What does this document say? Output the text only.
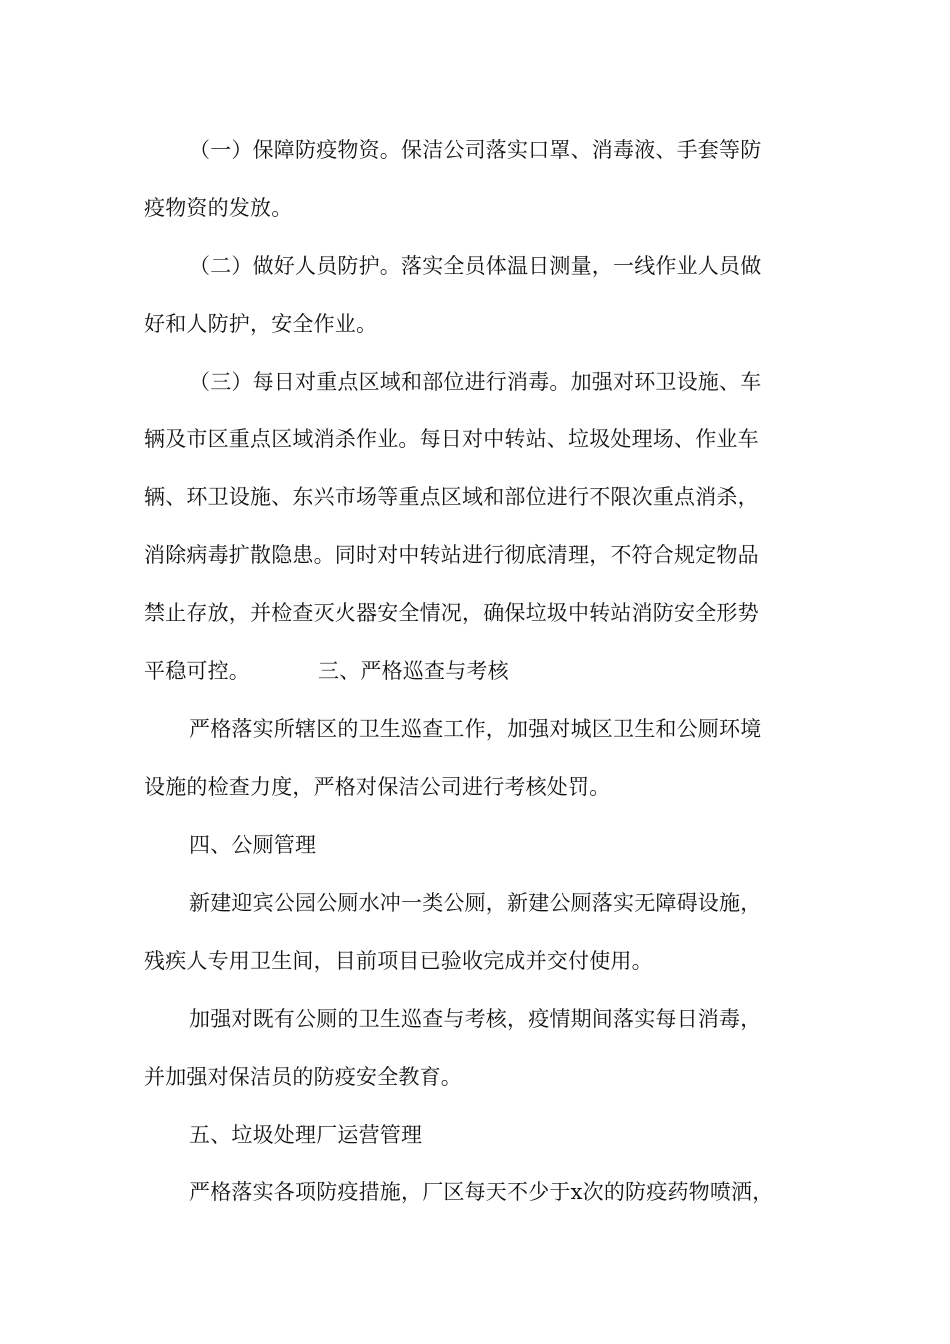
（一）保障防疫物资。保洁公司落实口罩、消毒液、手套等防
疫物资的发放。
（二）做好人员防护。落实全员体温日测量，一线作业人员做
好和人防护，安全作业。
（三）每日对重点区域和部位进行消毒。加强对环卫设施、车
辆及市区重点区域消杀作业。每日对中转站、垃圾处理场、作业车
辆、环卫设施、东兴市场等重点区域和部位进行不限次重点消杀，
消除病毒扩散隐患。同时对中转站进行彻底清理，不符合规定物品
禁止存放，并检查灭火器安全情况，确保垃圾中转站消防安全形势
平稳可控。	三、严格巡查与考核
严格落实所辖区的卫生巡查工作，加强对城区卫生和公厕环境
设施的检查力度，严格对保洁公司进行考核处罚。
四、公厕管理
新建迎宾公园公厕水冲一类公厕，新建公厕落实无障碍设施，
残疾人专用卫生间，目前项目已验收完成并交付使用。
加强对既有公厕的卫生巡查与考核，疫情期间落实每日消毒，
并加强对保洁员的防疫安全教育。
五、垃圾处理厂运营管理
严格落实各项防疫措施，厂区每天不少于x次的防疫药物喷洒，
